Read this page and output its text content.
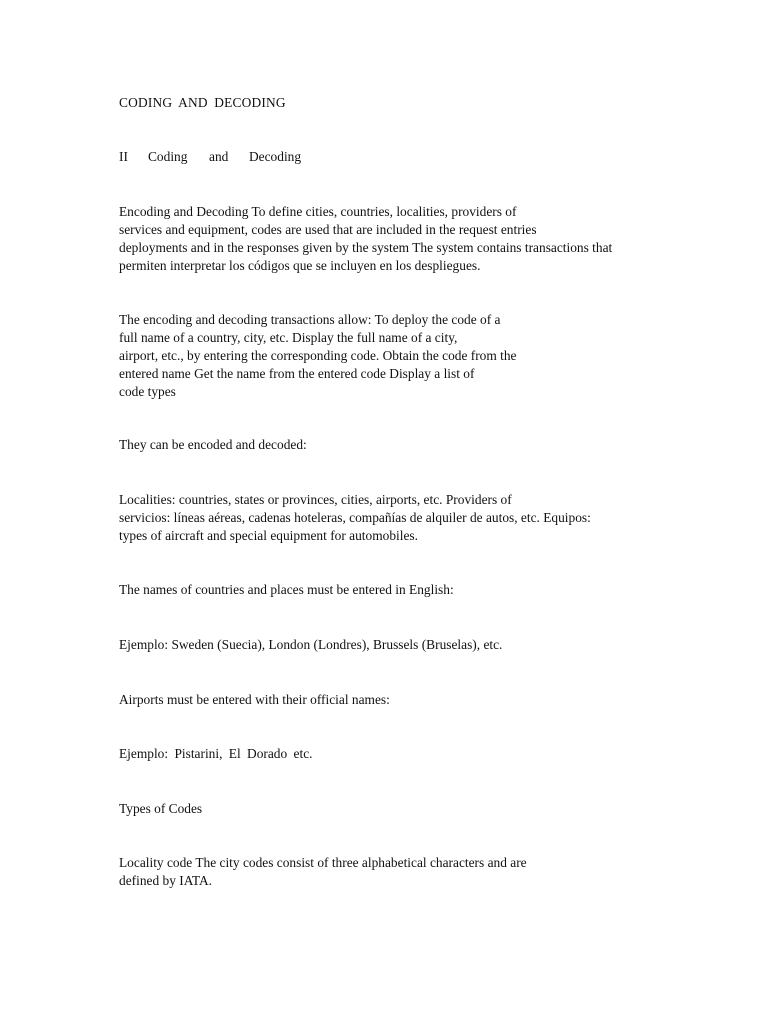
CODING AND DECODING
II Coding and Decoding
Encoding and Decoding To define cities, countries, localities, providers of
services and equipment, codes are used that are included in the request entries
deployments and in the responses given by the system The system contains transactions that
permiten interpretar los códigos que se incluyen en los despliegues.
The encoding and decoding transactions allow: To deploy the code of a
full name of a country, city, etc. Display the full name of a city,
airport, etc., by entering the corresponding code. Obtain the code from the
entered name Get the name from the entered code Display a list of
code types
They can be encoded and decoded:
Localities: countries, states or provinces, cities, airports, etc. Providers of
servicios: líneas aéreas, cadenas hoteleras, compañías de alquiler de autos, etc. Equipos:
types of aircraft and special equipment for automobiles.
The names of countries and places must be entered in English:
Ejemplo: Sweden (Suecia), London (Londres), Brussels (Bruselas), etc.
Airports must be entered with their official names:
Ejemplo: Pistarini, El Dorado etc.
Types of Codes
Locality code The city codes consist of three alphabetical characters and are
defined by IATA.
